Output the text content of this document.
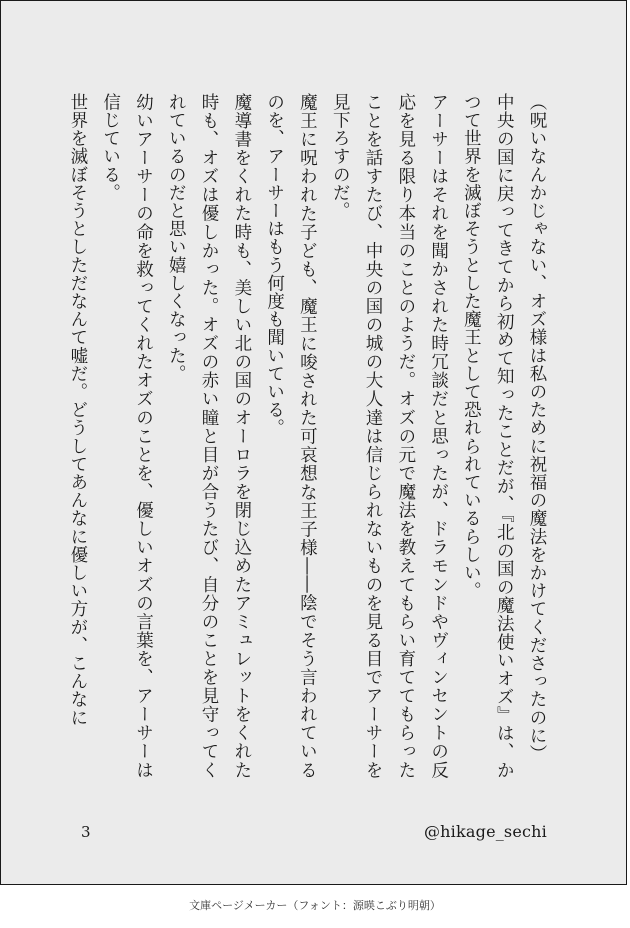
（呪いなんかじゃない、オズ様は私のために祝福の魔法をかけてくださったのに）

中央の国に戻ってきてから初めて知ったことだが、『北の国の魔法使いオズ』は、かつて世界を滅ぼそうとした魔王として恐れられているらしい。

アーサーはそれを聞かされた時冗談だと思ったが、ドラモンドやヴィンセントの反応を見る限り本当のことのようだ。オズの元で魔法を教えてもらい育ててもらったことを話すたび、中央の国の城の大人達は信じられないものを見る目でアーサーを見下ろすのだ。

魔王に呪われた子ども、魔王に唆された可哀想な王子様――陰でそう言われているのを、アーサーはもう何度も聞いている。

魔導書をくれた時も、美しい北の国のオーロラを閉じ込めたアミュレットをくれた時も、オズは優しかった。オズの赤い瞳と目が合うたび、自分のことを見守ってくれているのだと思い嬉しくなった。

幼いアーサーの命を救ってくれたオズのことを、優しいオズの言葉を、アーサーは信じている。

世界を滅ぼそうとしただなんて嘘だ。どうしてあんなに優しい方が、こんなに

3	@hikage_sechi
文庫ページメーカー（フォント：源暎こぶり明朝）
